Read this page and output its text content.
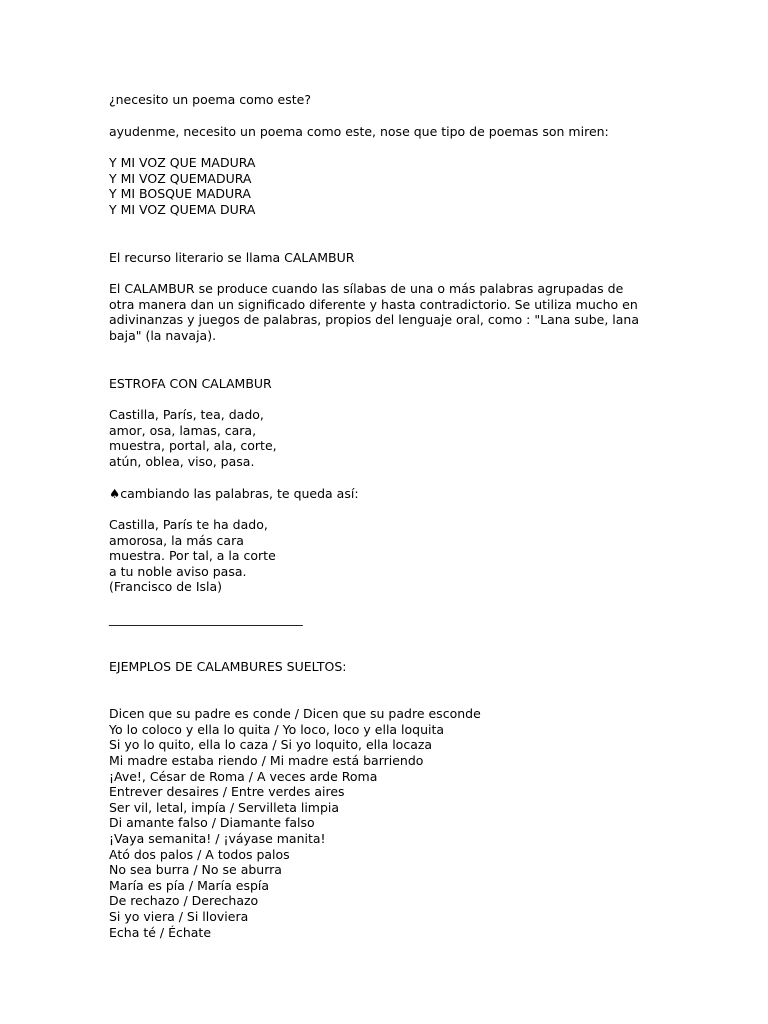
¿necesito un poema como este?
ayudenme, necesito un poema como este, nose que tipo de poemas son miren:
Y MI VOZ QUE MADURA
Y MI VOZ QUEMADURA
Y MI BOSQUE MADURA
Y MI VOZ QUEMA DURA
El recurso literario se llama CALAMBUR
El CALAMBUR se produce cuando las sílabas de una o más palabras agrupadas de otra manera dan un significado diferente y hasta contradictorio. Se utiliza mucho en adivinanzas y juegos de palabras, propios del lenguaje oral, como : "Lana sube, lana baja" (la navaja).
ESTROFA CON CALAMBUR
Castilla, París, tea, dado,
amor, osa, lamas, cara,
muestra, portal, ala, corte,
atún, oblea, viso, pasa.
♠cambiando las palabras, te queda así:
Castilla, París te ha dado,
amorosa, la más cara
muestra. Por tal, a la corte
a tu noble aviso pasa.
(Francisco de Isla)
_______________________________
EJEMPLOS DE CALAMBURES SUELTOS:
Dicen que su padre es conde / Dicen que su padre esconde
Yo lo coloco y ella lo quita / Yo loco, loco y ella loquita
Si yo lo quito, ella lo caza / Si yo loquito, ella locaza
Mi madre estaba riendo / Mi madre está barriendo
¡Ave!, César de Roma / A veces arde Roma
Entrever desaires / Entre verdes aires
Ser vil, letal, impía / Servilleta limpia
Di amante falso / Diamante falso
¡Vaya semanita! / ¡váyase manita!
Ató dos palos / A todos palos
No sea burra / No se aburra
María es pía / María espía
De rechazo / Derechazo
Si yo viera / Si lloviera
Echa té / Échate
